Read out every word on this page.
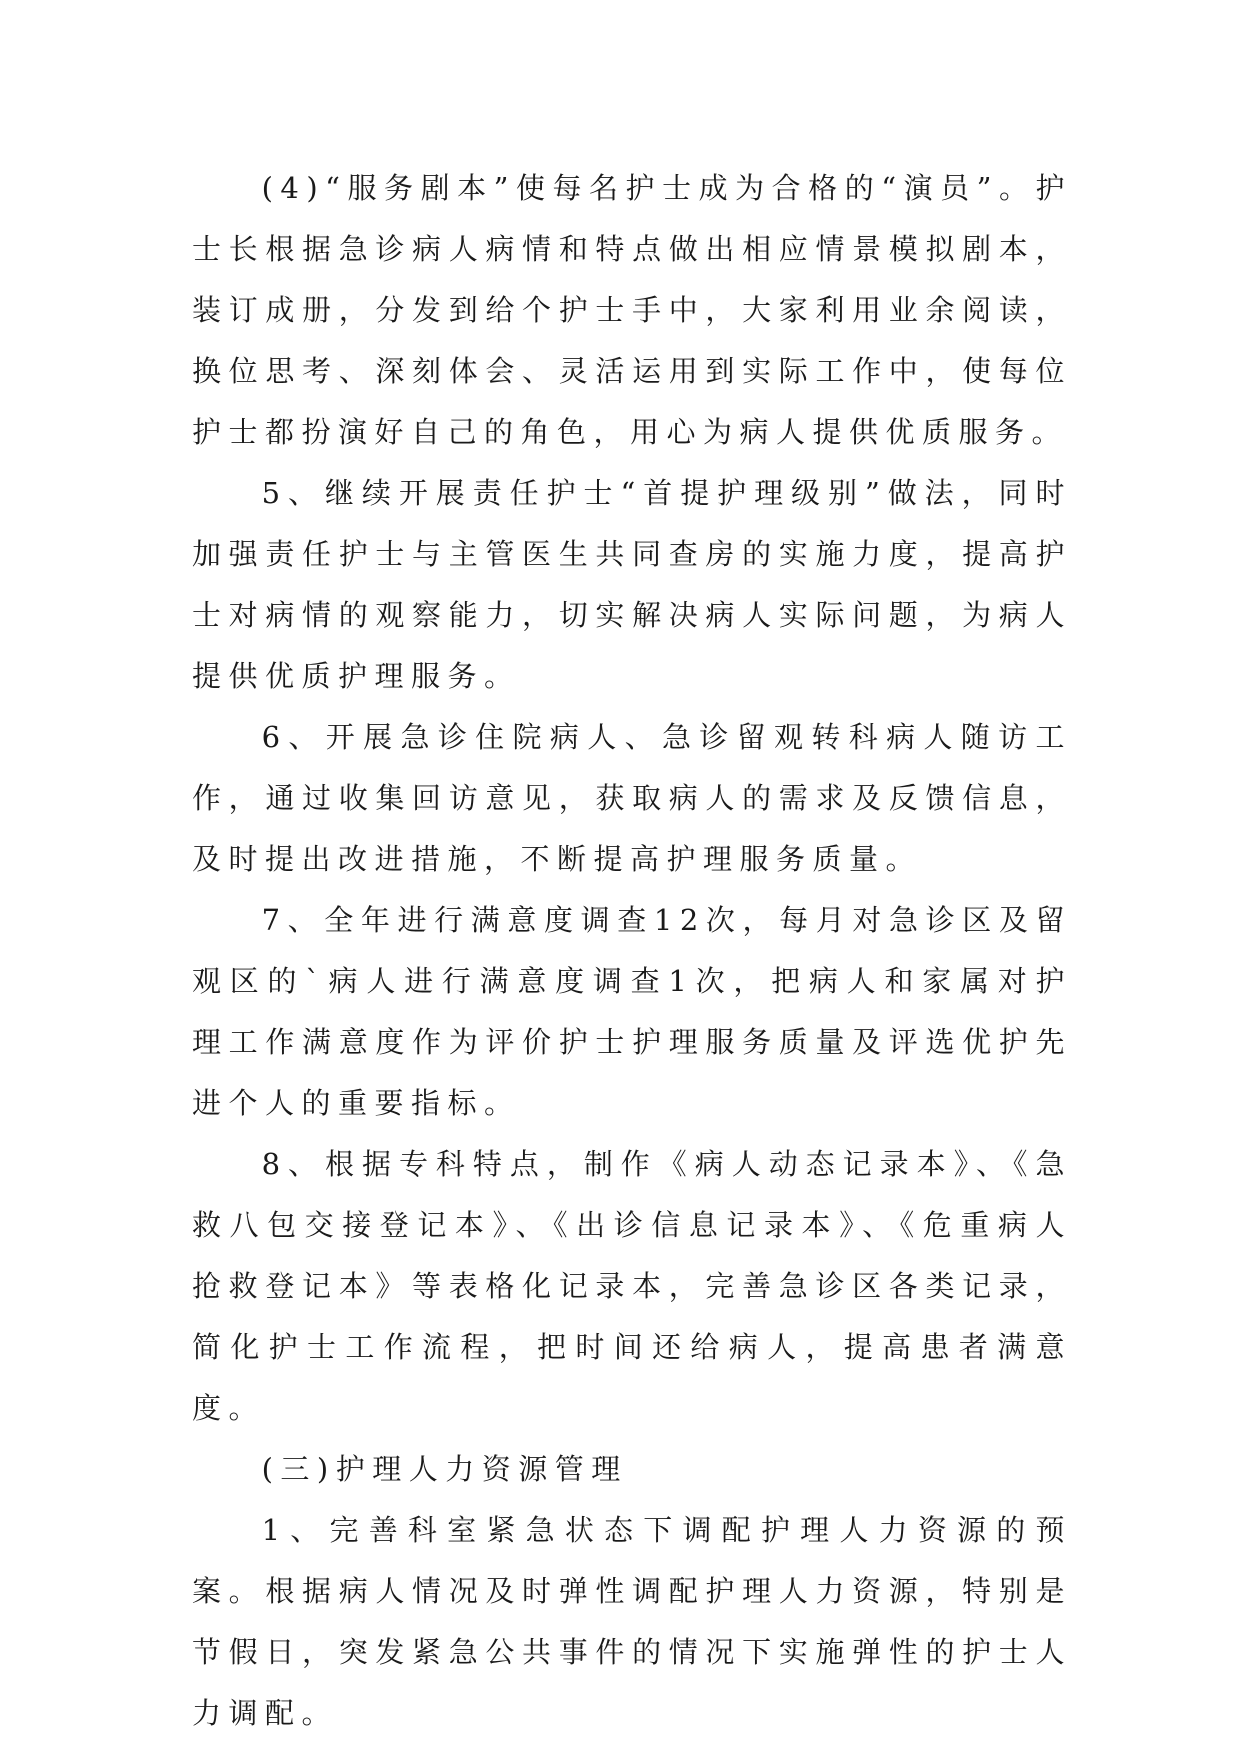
(4)“服务剧本”使每名护士成为合格的“演员”。护士长根据急诊病人病情和特点做出相应情景模拟剧本，装订成册，分发到给个护士手中，大家利用业余阅读，换位思考、深刻体会、灵活运用到实际工作中，使每位护士都扮演好自己的角色，用心为病人提供优质服务。

5、继续开展责任护士“首提护理级别”做法，同时加强责任护士与主管医生共同查房的实施力度，提高护士对病情的观察能力，切实解决病人实际问题，为病人提供优质护理服务。

6、开展急诊住院病人、急诊留观转科病人随访工作，通过收集回访意见，获取病人的需求及反馈信息，及时提出改进措施，不断提高护理服务质量。

7、全年进行满意度调查12次，每月对急诊区及留观区的`病人进行满意度调查1次，把病人和家属对护理工作满意度作为评价护士护理服务质量及评选优护先进个人的重要指标。

8、根据专科特点，制作《病人动态记录本》、《急救八包交接登记本》、《出诊信息记录本》、《危重病人抢救登记本》等表格化记录本，完善急诊区各类记录，简化护士工作流程，把时间还给病人，提高患者满意度。

(三)护理人力资源管理

1、完善科室紧急状态下调配护理人力资源的预案。根据病人情况及时弹性调配护理人力资源，特别是节假日，突发紧急公共事件的情况下实施弹性的护士人力调配。
